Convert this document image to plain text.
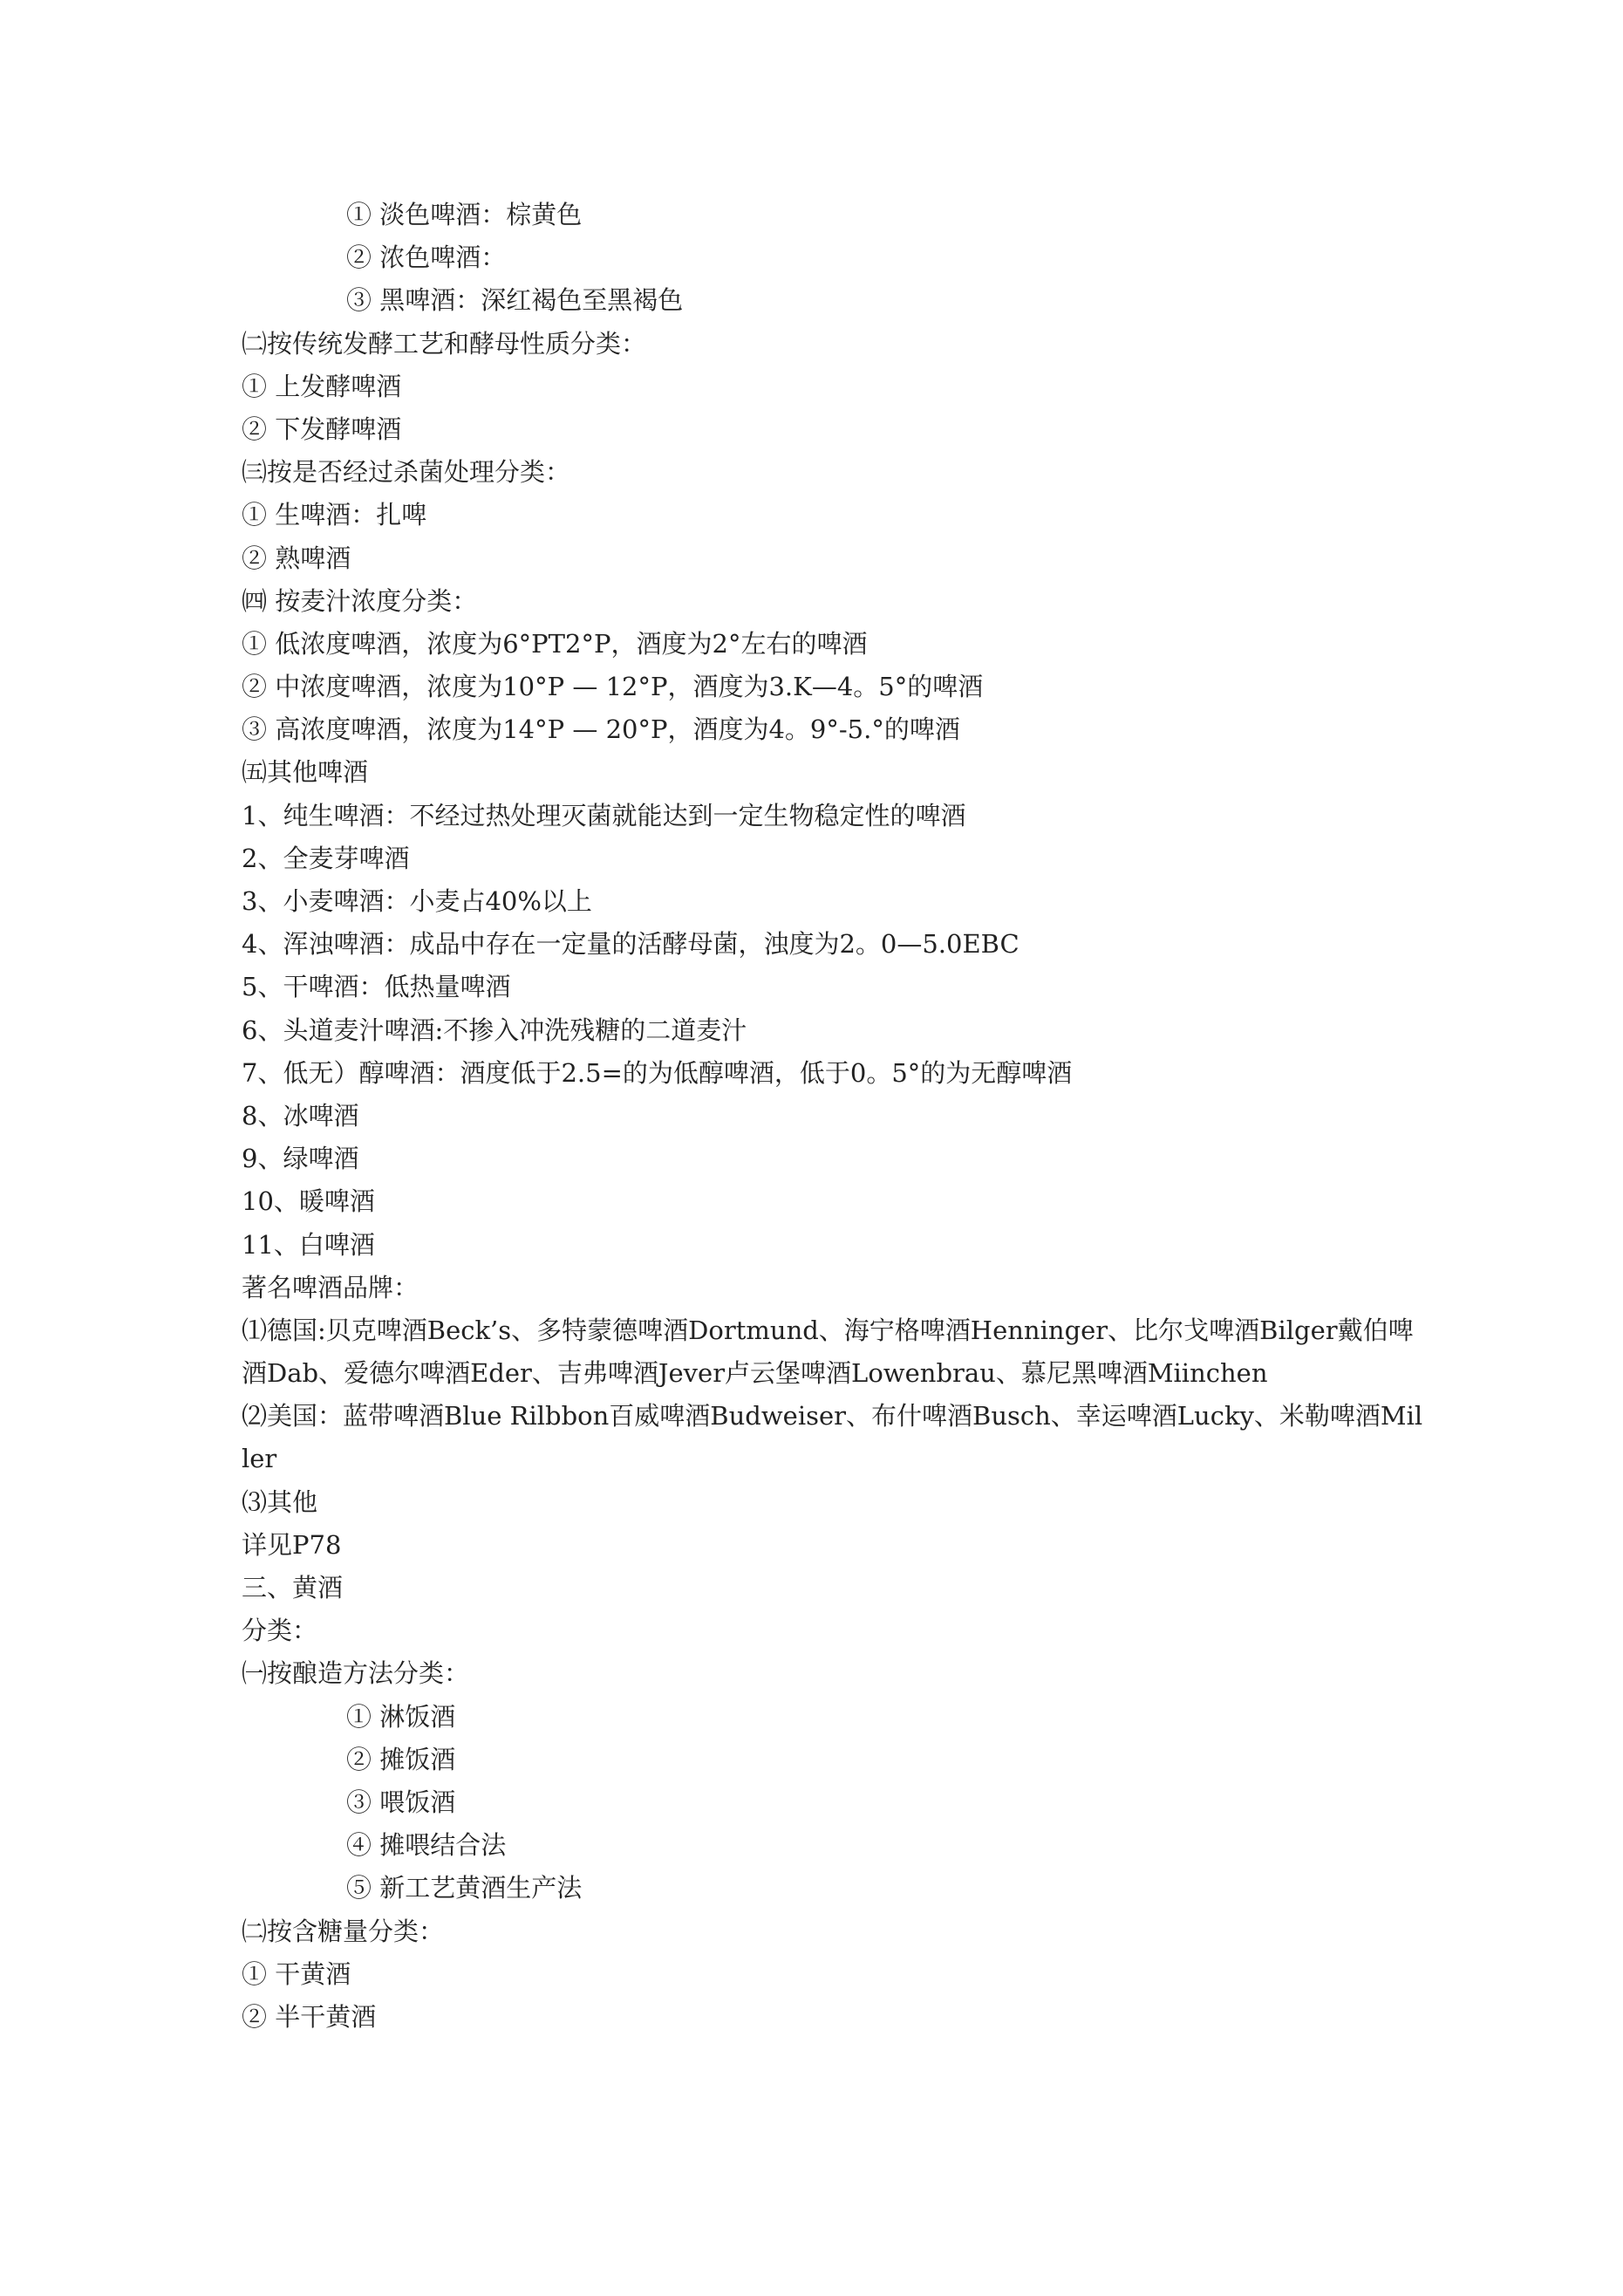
① 淡色啤酒：棕黄色
② 浓色啤酒：
③ 黑啤酒：深红褐色至黑褐色
㈡按传统发酵工艺和酵母性质分类：
① 上发酵啤酒
② 下发酵啤酒
㈢按是否经过杀菌处理分类：
① 生啤酒：扎啤
② 熟啤酒
㈣ 按麦汁浓度分类：
① 低浓度啤酒，浓度为6°PT2°P，酒度为2°左右的啤酒
② 中浓度啤酒，浓度为10°P — 12°P，酒度为3.K—4。5°的啤酒
③ 高浓度啤酒，浓度为14°P — 20°P，酒度为4。9°-5.°的啤酒
㈤其他啤酒
1、纯生啤酒：不经过热处理灭菌就能达到一定生物稳定性的啤酒
2、全麦芽啤酒
3、小麦啤酒：小麦占40%以上
4、浑浊啤酒：成品中存在一定量的活酵母菌，浊度为2。0—5.0EBC
5、干啤酒：低热量啤酒
6、头道麦汁啤酒:不掺入冲洗残糖的二道麦汁
7、低无）醇啤酒：酒度低于2.5=的为低醇啤酒，低于0。5°的为无醇啤酒
8、冰啤酒
9、绿啤酒
10、暖啤酒
11、白啤酒
著名啤酒品牌：
⑴德国:贝克啤酒Beck’s、多特蒙德啤酒Dortmund、海宁格啤酒Henninger、比尔戈啤酒Bilger戴伯啤酒Dab、爱德尔啤酒Eder、吉弗啤酒Jever卢云堡啤酒Lowenbrau、慕尼黑啤酒Miinchen
⑵美国：蓝带啤酒Blue Rilbbon百威啤酒Budweiser、布什啤酒Busch、幸运啤酒Lucky、米勒啤酒Miller
⑶其他
详见P78
三、黄酒
分类：
㈠按酿造方法分类：
① 淋饭酒
② 摊饭酒
③ 喂饭酒
④ 摊喂结合法
⑤ 新工艺黄酒生产法
㈡按含糖量分类：
① 干黄酒
② 半干黄酒
